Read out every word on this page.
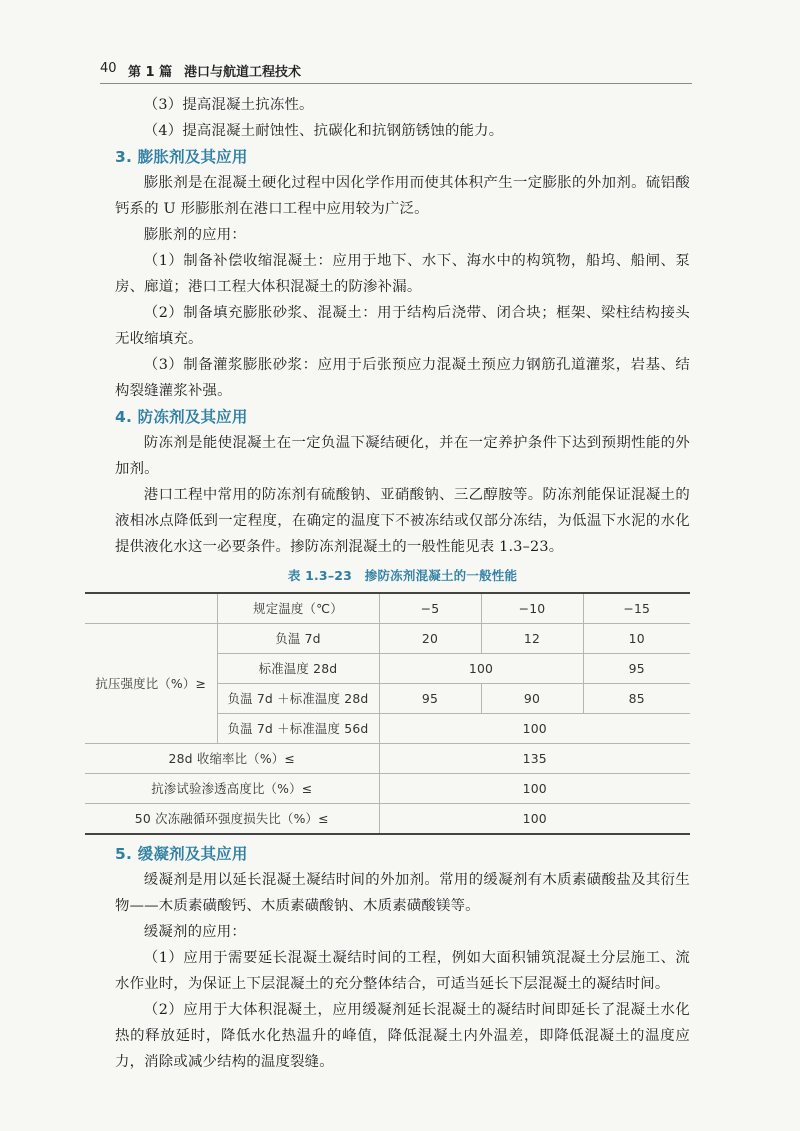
40 第 1 篇 港口与航道工程技术

（3）提高混凝土抗冻性。

（4）提高混凝土耐蚀性、抗碳化和抗钢筋锈蚀的能力。

3. 膨胀剂及其应用

膨胀剂是在混凝土硬化过程中因化学作用而使其体积产生一定膨胀的外加剂。硫铝酸钙系的 U 形膨胀剂在港口工程中应用较为广泛。

膨胀剂的应用：

（1）制备补偿收缩混凝土：应用于地下、水下、海水中的构筑物，船坞、船闸、泵房、廊道；港口工程大体积混凝土的防渗补漏。

（2）制备填充膨胀砂浆、混凝土：用于结构后浇带、闭合块；框架、梁柱结构接头无收缩填充。

（3）制备灌浆膨胀砂浆：应用于后张预应力混凝土预应力钢筋孔道灌浆，岩基、结构裂缝灌浆补强。

4. 防冻剂及其应用

防冻剂是能使混凝土在一定负温下凝结硬化，并在一定养护条件下达到预期性能的外加剂。

港口工程中常用的防冻剂有硫酸钠、亚硝酸钠、三乙醇胺等。防冻剂能保证混凝土的液相冰点降低到一定程度，在确定的温度下不被冻结或仅部分冻结，为低温下水泥的水化提供液化水这一必要条件。掺防冻剂混凝土的一般性能见表 1.3–23。

表 1.3–23　掺防冻剂混凝土的一般性能
	规定温度（℃）	−5	−10	−15
抗压强度比（%）≥	负温 7d	20	12	10
	标准温度 28d	100		95
	负温 7d ＋标准温度 28d	95	90	85
	负温 7d ＋标准温度 56d	100		
28d 收缩率比（%）≤		135		
抗渗试验渗透高度比（%）≤		100		
50 次冻融循环强度损失比（%）≤		100		
5. 缓凝剂及其应用

缓凝剂是用以延长混凝土凝结时间的外加剂。常用的缓凝剂有木质素磺酸盐及其衍生物——木质素磺酸钙、木质素磺酸钠、木质素磺酸镁等。

缓凝剂的应用：

（1）应用于需要延长混凝土凝结时间的工程，例如大面积铺筑混凝土分层施工、流水作业时，为保证上下层混凝土的充分整体结合，可适当延长下层混凝土的凝结时间。

（2）应用于大体积混凝土，应用缓凝剂延长混凝土的凝结时间即延长了混凝土水化热的释放延时，降低水化热温升的峰值，降低混凝土内外温差，即降低混凝土的温度应力，消除或减少结构的温度裂缝。
